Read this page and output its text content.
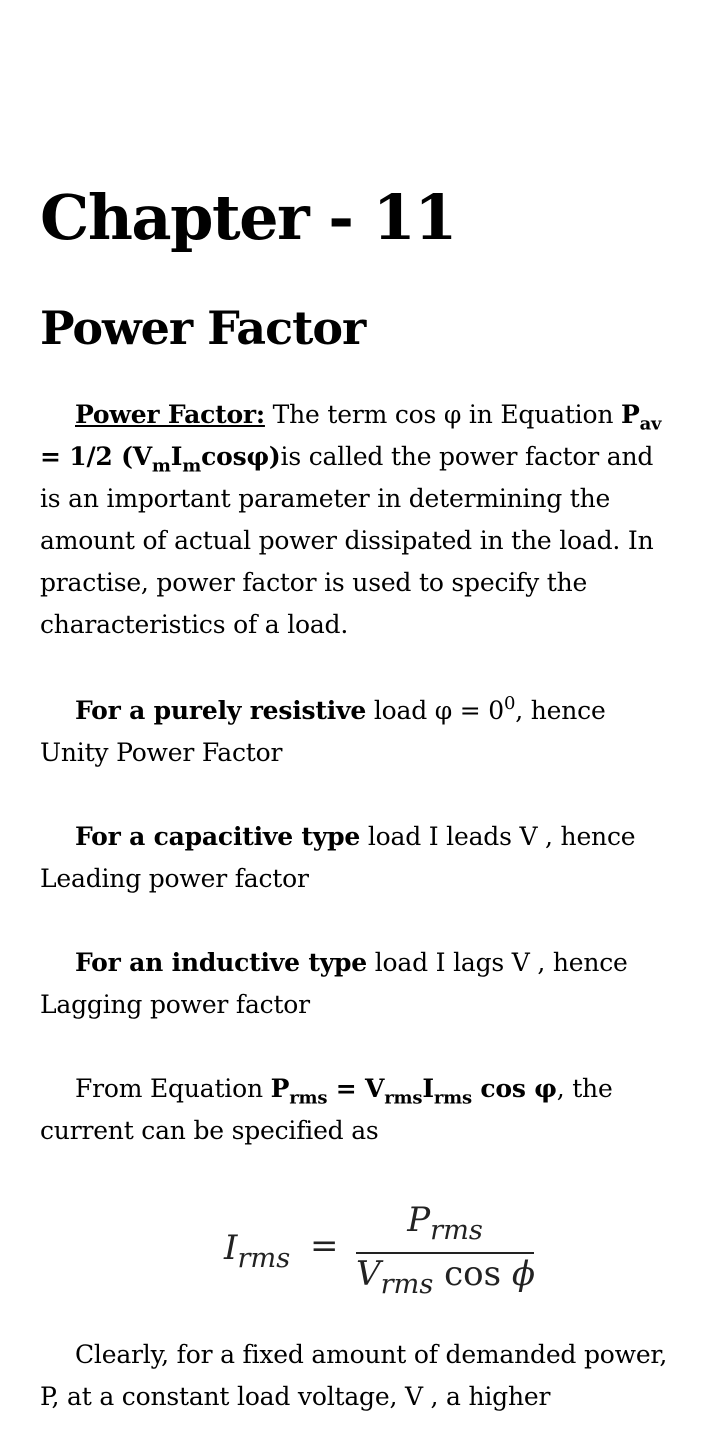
Chapter - 11
Power Factor

Power Factor: The term cos φ in Equation $P_{av} = 1/2$ $(V_mI_m\cos\varphi)is$ called the power factor and is an important parameter in determining the amount of actual power dissipated in the load. In practise, power factor is used to specify the characteristics of a load.

For a purely resistive load $\varphi = 0^0$, hence Unity Power Factor

For a capacitive type load I leads V , hence Leading power factor

For an inductive type load I lags V , hence Lagging power factor

From Equation $P_{rms} = V_{rms}I_{rms}$ cos φ, the current can be specified as

$I_{rms}$ =
$P_{rms}$
$V_{rms}$ cos ϕ

Clearly, for a fixed amount of demanded power, P, at a constant load voltage, V , a higher
